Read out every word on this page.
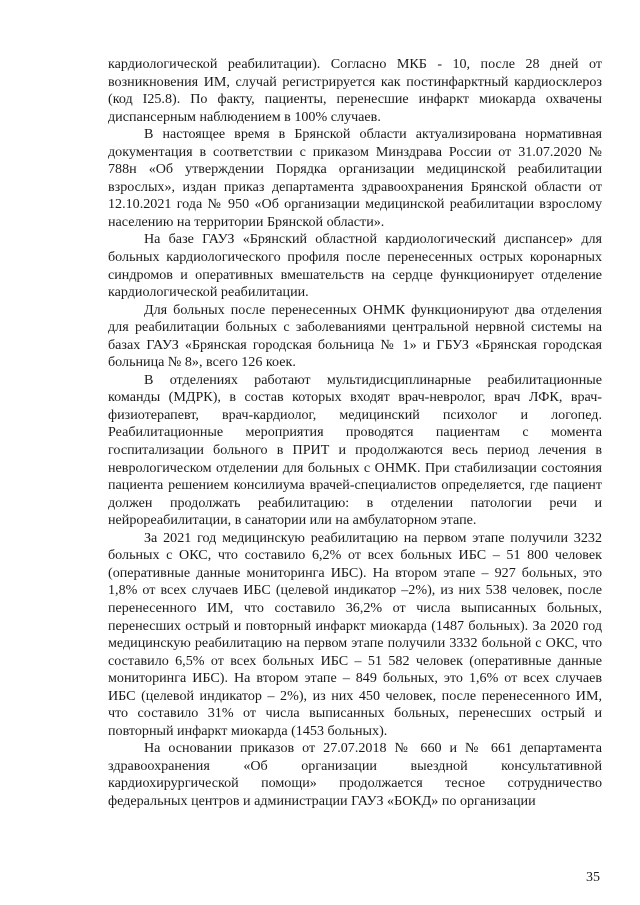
кардиологической реабилитации). Согласно МКБ - 10, после 28 дней от возникновения ИМ, случай регистрируется как постинфарктный кардиосклероз (код I25.8). По факту, пациенты, перенесшие инфаркт миокарда охвачены диспансерным наблюдением в 100% случаев.

В настоящее время в Брянской области актуализирована нормативная документация в соответствии с приказом Минздрава России от 31.07.2020 № 788н «Об утверждении Порядка организации медицинской реабилитации взрослых», издан приказ департамента здравоохранения Брянской области от 12.10.2021 года № 950 «Об организации медицинской реабилитации взрослому населению на территории Брянской области».

На базе ГАУЗ «Брянский областной кардиологический диспансер» для больных кардиологического профиля после перенесенных острых коронарных синдромов и оперативных вмешательств на сердце функционирует отделение кардиологической реабилитации.

Для больных после перенесенных ОНМК функционируют два отделения для реабилитации больных с заболеваниями центральной нервной системы на базах ГАУЗ «Брянская городская больница № 1» и ГБУЗ «Брянская городская больница № 8», всего 126 коек.

В отделениях работают мультидисциплинарные реабилитационные команды (МДРК), в состав которых входят врач-невролог, врач ЛФК, врач-физиотерапевт, врач-кардиолог, медицинский психолог и логопед. Реабилитационные мероприятия проводятся пациентам с момента госпитализации больного в ПРИТ и продолжаются весь период лечения в неврологическом отделении для больных с ОНМК. При стабилизации состояния пациента решением консилиума врачей-специалистов определяется, где пациент должен продолжать реабилитацию: в отделении патологии речи и нейрореабилитации, в санатории или на амбулаторном этапе.

За 2021 год медицинскую реабилитацию на первом этапе получили 3232 больных с ОКС, что составило 6,2% от всех больных ИБС – 51 800 человек (оперативные данные мониторинга ИБС). На втором этапе – 927 больных, это 1,8% от всех случаев ИБС (целевой индикатор –2%), из них 538 человек, после перенесенного ИМ, что составило 36,2% от числа выписанных больных, перенесших острый и повторный инфаркт миокарда (1487 больных). За 2020 год медицинскую реабилитацию на первом этапе получили 3332 больной с ОКС, что составило 6,5% от всех больных ИБС – 51 582 человек (оперативные данные мониторинга ИБС). На втором этапе – 849 больных, это 1,6% от всех случаев ИБС (целевой индикатор – 2%), из них 450 человек, после перенесенного ИМ, что составило 31% от числа выписанных больных, перенесших острый и повторный инфаркт миокарда (1453 больных).

На основании приказов от 27.07.2018 № 660 и № 661 департамента здравоохранения «Об организации выездной консультативной кардиохирургической помощи» продолжается тесное сотрудничество федеральных центров и администрации ГАУЗ «БОКД» по организации

35
